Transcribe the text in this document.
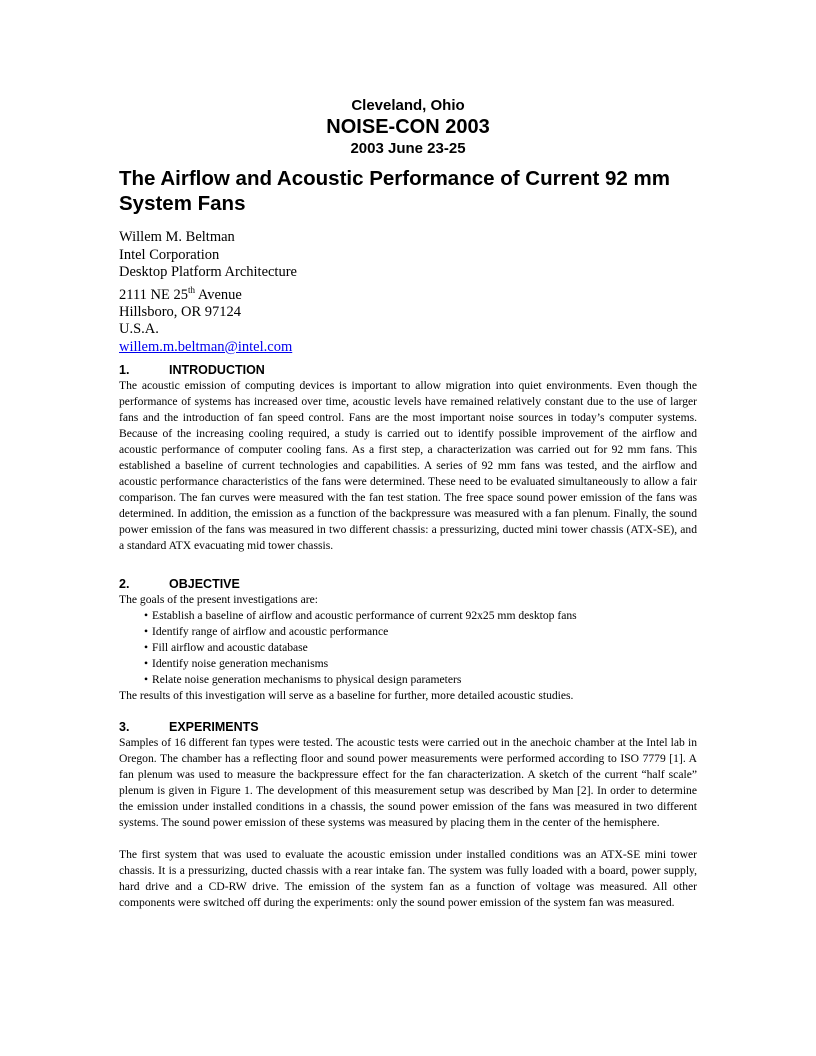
Cleveland, Ohio
NOISE-CON 2003
2003 June 23-25
The Airflow and Acoustic Performance of Current 92 mm System Fans
Willem M. Beltman
Intel Corporation
Desktop Platform Architecture
2111 NE 25th Avenue
Hillsboro, OR 97124
U.S.A.
willem.m.beltman@intel.com
1.	INTRODUCTION

The acoustic emission of computing devices is important to allow migration into quiet environments. Even though the performance of systems has increased over time, acoustic levels have remained relatively constant due to the use of larger fans and the introduction of fan speed control. Fans are the most important noise sources in today’s computer systems. Because of the increasing cooling required, a study is carried out to identify possible improvement of the airflow and acoustic performance of computer cooling fans. As a first step, a characterization was carried out for 92 mm fans. This established a baseline of current technologies and capabilities. A series of 92 mm fans was tested, and the airflow and acoustic performance characteristics of the fans were determined. These need to be evaluated simultaneously to allow a fair comparison. The fan curves were measured with the fan test station. The free space sound power emission of the fans was determined. In addition, the emission as a function of the backpressure was measured with a fan plenum. Finally, the sound power emission of the fans was measured in two different chassis: a pressurizing, ducted mini tower chassis (ATX-SE), and a standard ATX evacuating mid tower chassis.

2.	OBJECTIVE

The goals of the present investigations are:

• Establish a baseline of airflow and acoustic performance of current 92x25 mm desktop fans
• Identify range of airflow and acoustic performance
• Fill airflow and acoustic database
• Identify noise generation mechanisms
• Relate noise generation mechanisms to physical design parameters

The results of this investigation will serve as a baseline for further, more detailed acoustic studies.

3.	EXPERIMENTS

Samples of 16 different fan types were tested. The acoustic tests were carried out in the anechoic chamber at the Intel lab in Oregon. The chamber has a reflecting floor and sound power measurements were performed according to ISO 7779 [1]. A fan plenum was used to measure the backpressure effect for the fan characterization. A sketch of the current “half scale” plenum is given in Figure 1. The development of this measurement setup was described by Man [2]. In order to determine the emission under installed conditions in a chassis, the sound power emission of the fans was measured in two different systems. The sound power emission of these systems was measured by placing them in the center of the hemisphere.

The first system that was used to evaluate the acoustic emission under installed conditions was an ATX-SE mini tower chassis. It is a pressurizing, ducted chassis with a rear intake fan. The system was fully loaded with a board, power supply, hard drive and a CD-RW drive. The emission of the system fan as a function of voltage was measured. All other components were switched off during the experiments: only the sound power emission of the system fan was measured.
